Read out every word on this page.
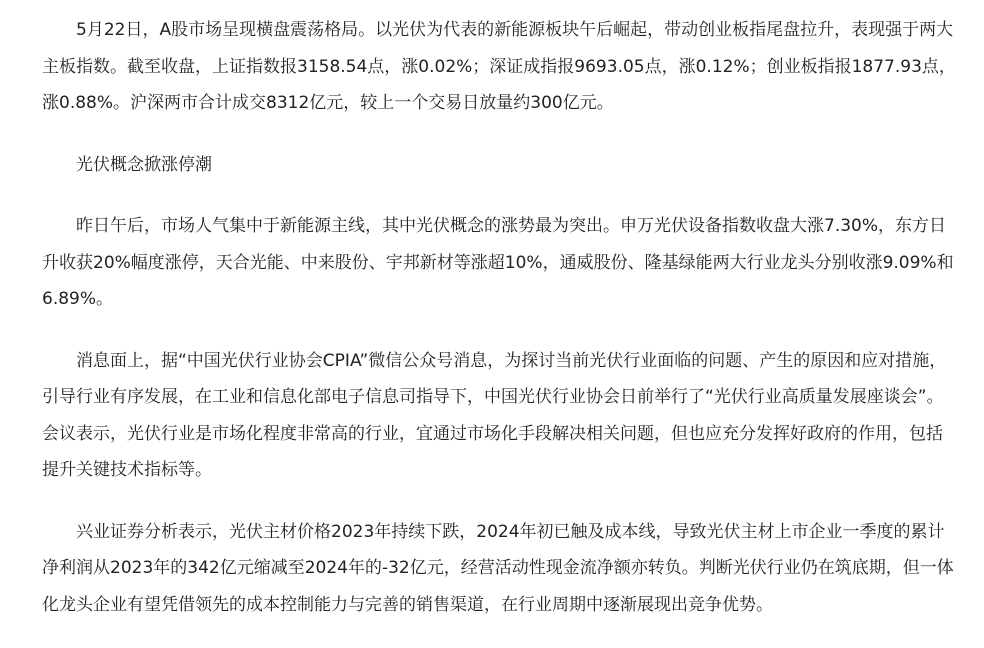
5月22日，A股市场呈现横盘震荡格局。以光伏为代表的新能源板块午后崛起，带动创业板指尾盘拉升，表现强于两大主板指数。截至收盘，上证指数报3158.54点，涨0.02%；深证成指报9693.05点，涨0.12%；创业板指报1877.93点，涨0.88%。沪深两市合计成交8312亿元，较上一个交易日放量约300亿元。

光伏概念掀涨停潮

昨日午后，市场人气集中于新能源主线，其中光伏概念的涨势最为突出。申万光伏设备指数收盘大涨7.30%，东方日升收获20%幅度涨停，天合光能、中来股份、宇邦新材等涨超10%，通威股份、隆基绿能两大行业龙头分别收涨9.09%和6.89%。

消息面上，据“中国光伏行业协会CPIA”微信公众号消息，为探讨当前光伏行业面临的问题、产生的原因和应对措施，引导行业有序发展，在工业和信息化部电子信息司指导下，中国光伏行业协会日前举行了“光伏行业高质量发展座谈会”。会议表示，光伏行业是市场化程度非常高的行业，宜通过市场化手段解决相关问题，但也应充分发挥好政府的作用，包括提升关键技术指标等。

兴业证券分析表示，光伏主材价格2023年持续下跌，2024年初已触及成本线，导致光伏主材上市企业一季度的累计净利润从2023年的342亿元缩减至2024年的-32亿元，经营活动性现金流净额亦转负。判断光伏行业仍在筑底期，但一体化龙头企业有望凭借领先的成本控制能力与完善的销售渠道，在行业周期中逐渐展现出竞争优势。
